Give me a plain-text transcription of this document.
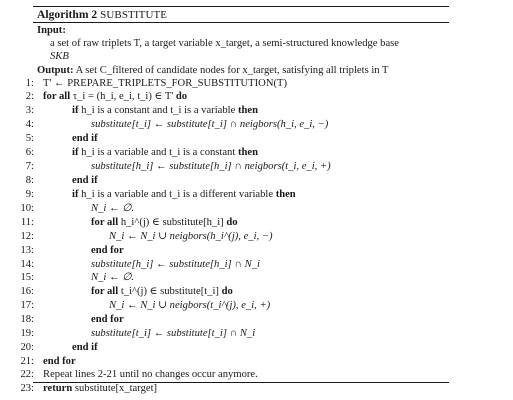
Algorithm 2 SUBSTITUTE
Input:
a set of raw triplets T, a target variable x_target, a semi-structured knowledge base
SKB
Output: A set C_filtered of candidate nodes for x_target, satisfying all triplets in T
1: T' ← PREPARE_TRIPLETS_FOR_SUBSTITUTION(T)
2: for all τ_i = (h_i, e_i, t_i) ∈ T' do
3:	if h_i is a constant and t_i is a variable then
4:	substitute[t_i] ← substitute[t_i] ∩ neigbors(h_i, e_i, −)
5:	end if
6:	if h_i is a variable and t_i is a constant then
7:	substitute[h_i] ← substitute[h_i] ∩ neigbors(t_i, e_i, +)
8:	end if
9:	if h_i is a variable and t_i is a different variable then
10:	N_i ← ∅.
11:	for all h_i^(j) ∈ substitute[h_i] do
12:	N_i ← N_i ∪ neigbors(h_i^(j), e_i, −)
13:	end for
14:	substitute[h_i] ← substitute[h_i] ∩ N_i
15:	N_i ← ∅.
16:	for all t_i^(j) ∈ substitute[t_i] do
17:	N_i ← N_i ∪ neigbors(t_i^(j), e_i, +)
18:	end for
19:	substitute[t_i] ← substitute[t_i] ∩ N_i
20:	end if
21: end for
22: Repeat lines 2-21 until no changes occur anymore.
23: return substitute[x_target]
